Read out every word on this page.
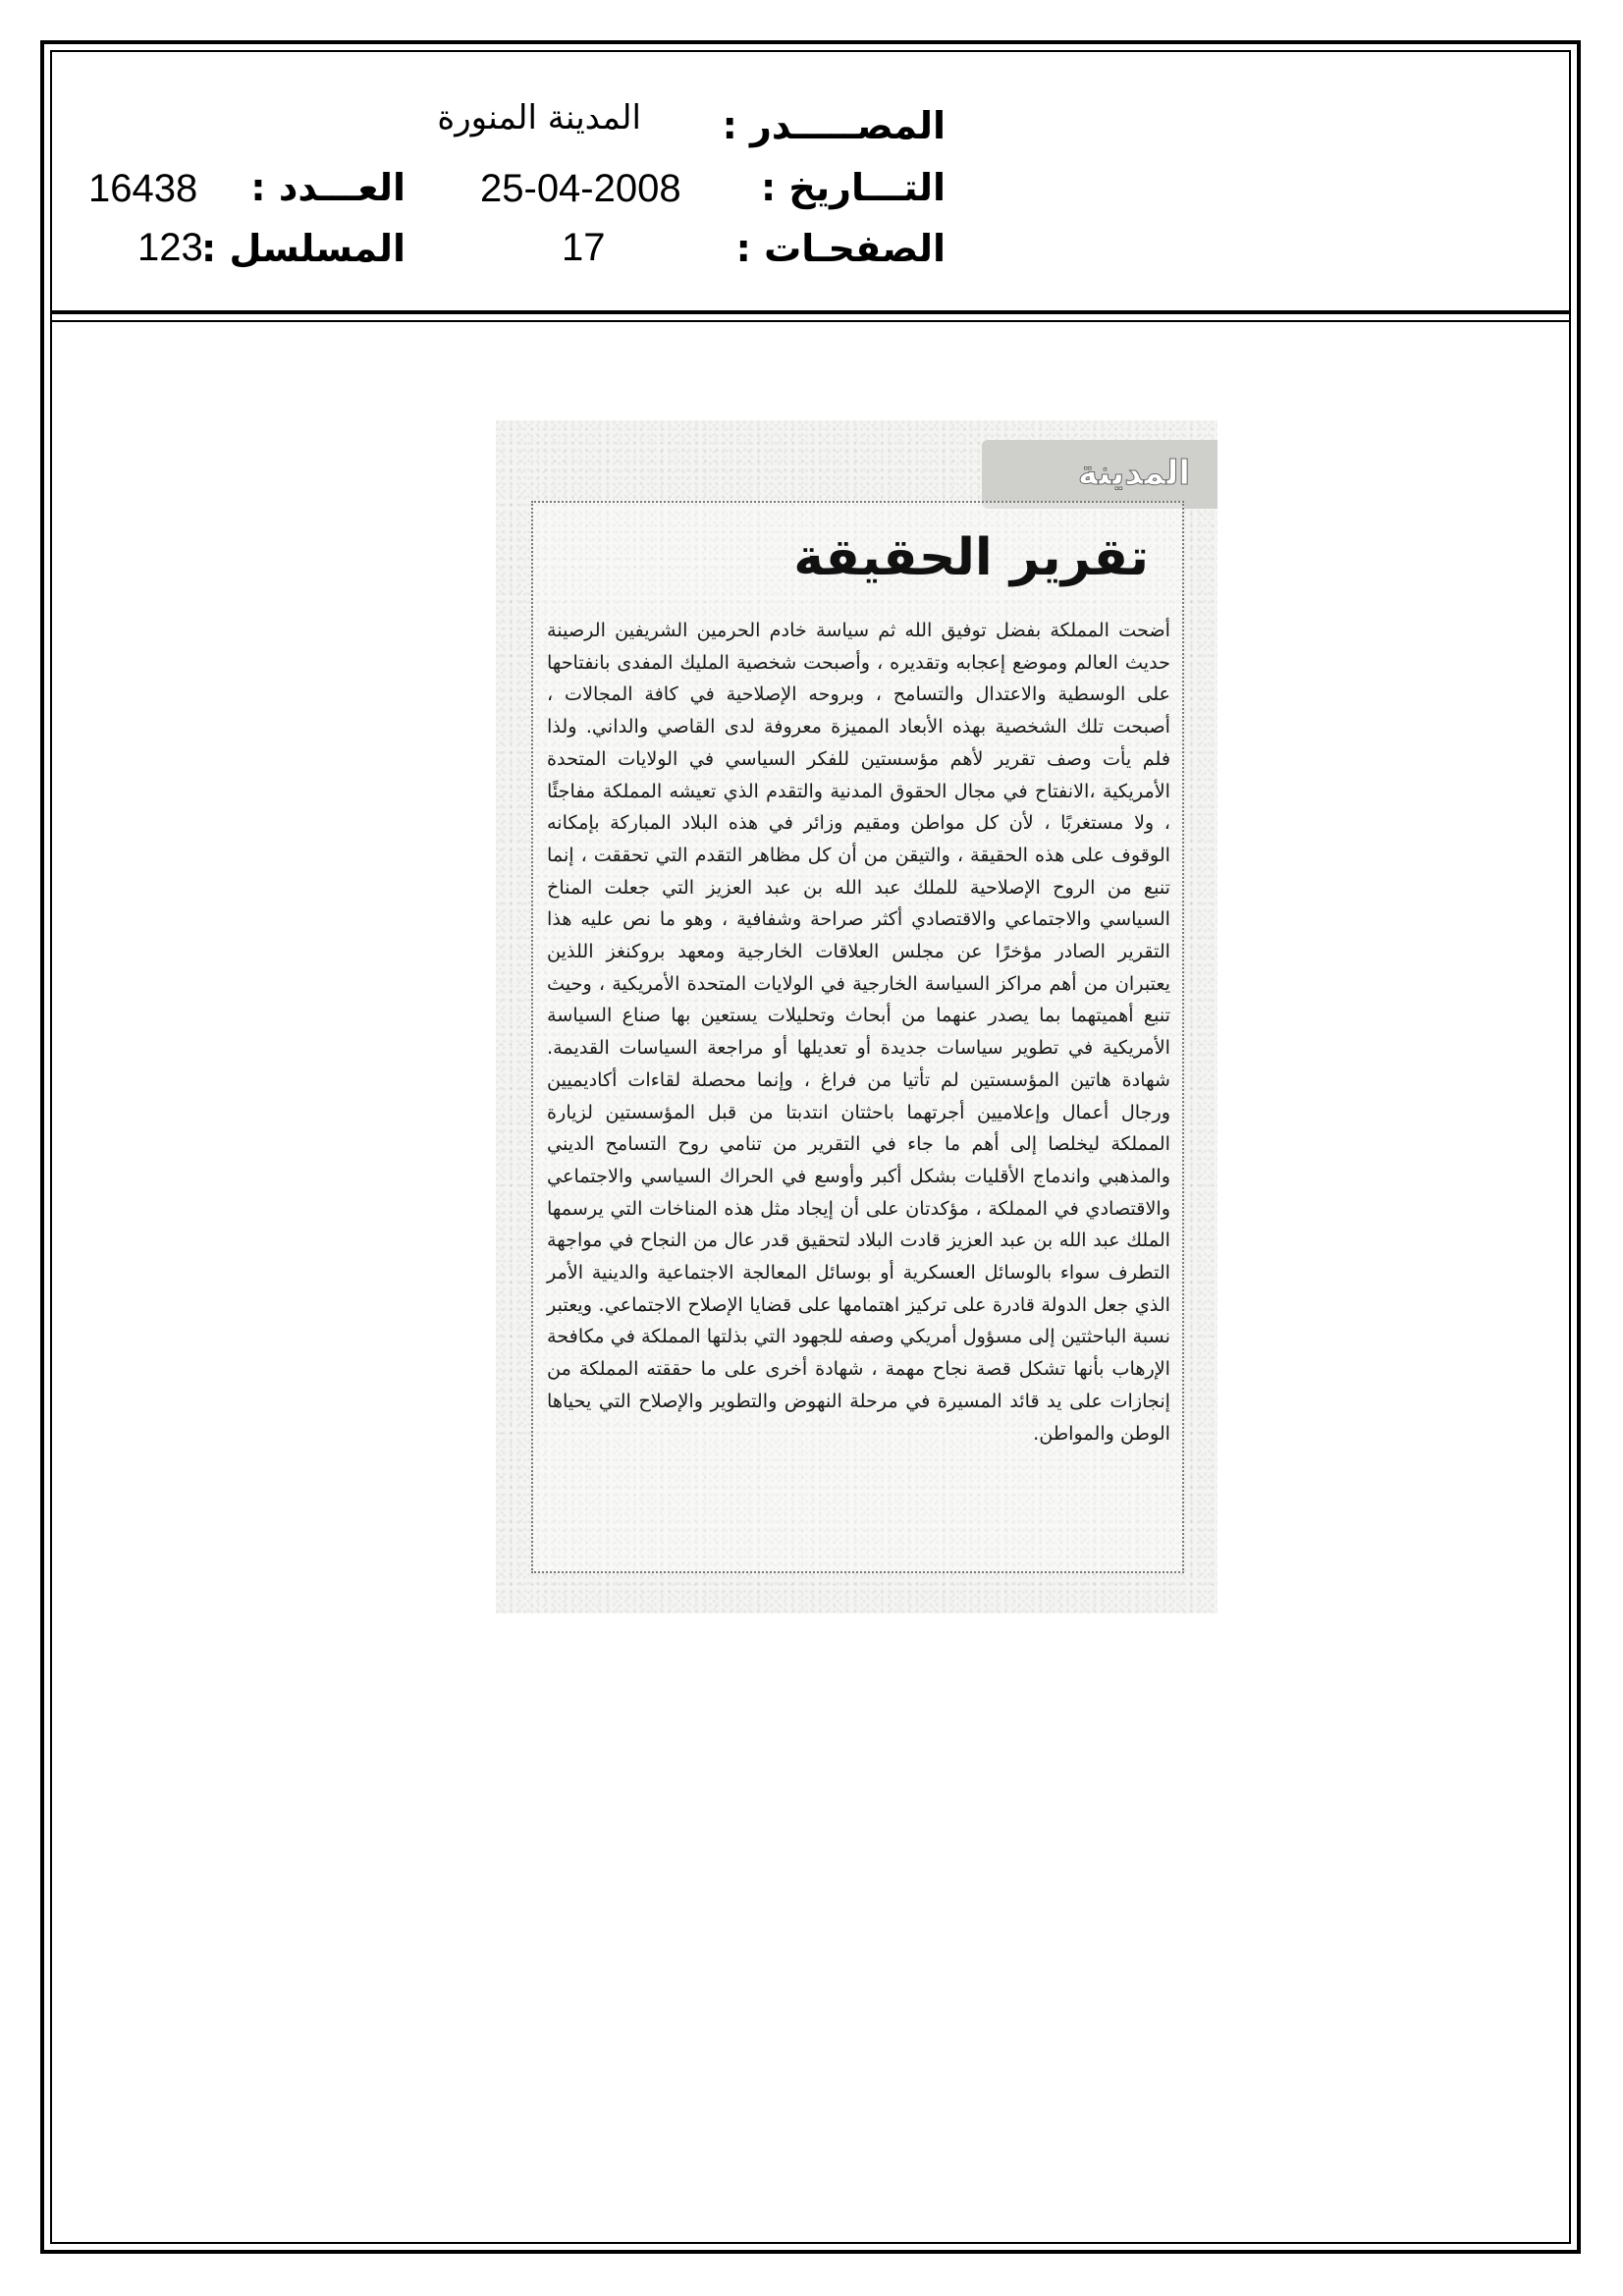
المصـــــدر :
التـــاريخ :
الصفحـات :
المدينة المنورة
25-04-2008
17
العـــدد :
المسلسل :
16438
123
المدينة
تقرير الحقيقة
أضحت المملكة بفضل توفيق الله ثم سياسة خادم الحرمين الشريفين الرصينة حديث العالم وموضع إعجابه وتقديره ، وأصبحت شخصية المليك المفدى بانفتاحها على الوسطية والاعتدال والتسامح ، وبروحه الإصلاحية في كافة المجالات ، أصبحت تلك الشخصية بهذه الأبعاد المميزة معروفة لدى القاصي والداني. ولذا فلم يأت وصف تقرير لأهم مؤسستين للفكر السياسي في الولايات المتحدة الأمريكية ،الانفتاح في مجال الحقوق المدنية والتقدم الذي تعيشه المملكة مفاجئًا ، ولا مستغربًا ، لأن كل مواطن ومقيم وزائر في هذه البلاد المباركة بإمكانه الوقوف على هذه الحقيقة ، والتيقن من أن كل مظاهر التقدم التي تحققت ، إنما تنبع من الروح الإصلاحية للملك عبد الله بن عبد العزيز التي جعلت المناخ السياسي والاجتماعي والاقتصادي أكثر صراحة وشفافية ، وهو ما نص عليه هذا التقرير الصادر مؤخرًا عن مجلس العلاقات الخارجية ومعهد بروكنغز اللذين يعتبران من أهم مراكز السياسة الخارجية في الولايات المتحدة الأمريكية ، وحيث تنبع أهميتهما بما يصدر عنهما من أبحاث وتحليلات يستعين بها صناع السياسة الأمريكية في تطوير سياسات جديدة أو تعديلها أو مراجعة السياسات القديمة. شهادة هاتين المؤسستين لم تأتيا من فراغ ، وإنما محصلة لقاءات أكاديميين ورجال أعمال وإعلاميين أجرتهما باحثتان انتدبتا من قبل المؤسستين لزيارة المملكة ليخلصا إلى أهم ما جاء في التقرير من تنامي روح التسامح الديني والمذهبي واندماج الأقليات بشكل أكبر وأوسع في الحراك السياسي والاجتماعي والاقتصادي في المملكة ، مؤكدتان على أن إيجاد مثل هذه المناخات التي يرسمها الملك عبد الله بن عبد العزيز قادت البلاد لتحقيق قدر عال من النجاح في مواجهة التطرف سواء بالوسائل العسكرية أو بوسائل المعالجة الاجتماعية والدينية الأمر الذي جعل الدولة قادرة على تركيز اهتمامها على قضايا الإصلاح الاجتماعي. ويعتبر نسبة الباحثتين إلى مسؤول أمريكي وصفه للجهود التي بذلتها المملكة في مكافحة الإرهاب بأنها تشكل قصة نجاح مهمة ، شهادة أخرى على ما حققته المملكة من إنجازات على يد قائد المسيرة في مرحلة النهوض والتطوير والإصلاح التي يحياها الوطن والمواطن.
